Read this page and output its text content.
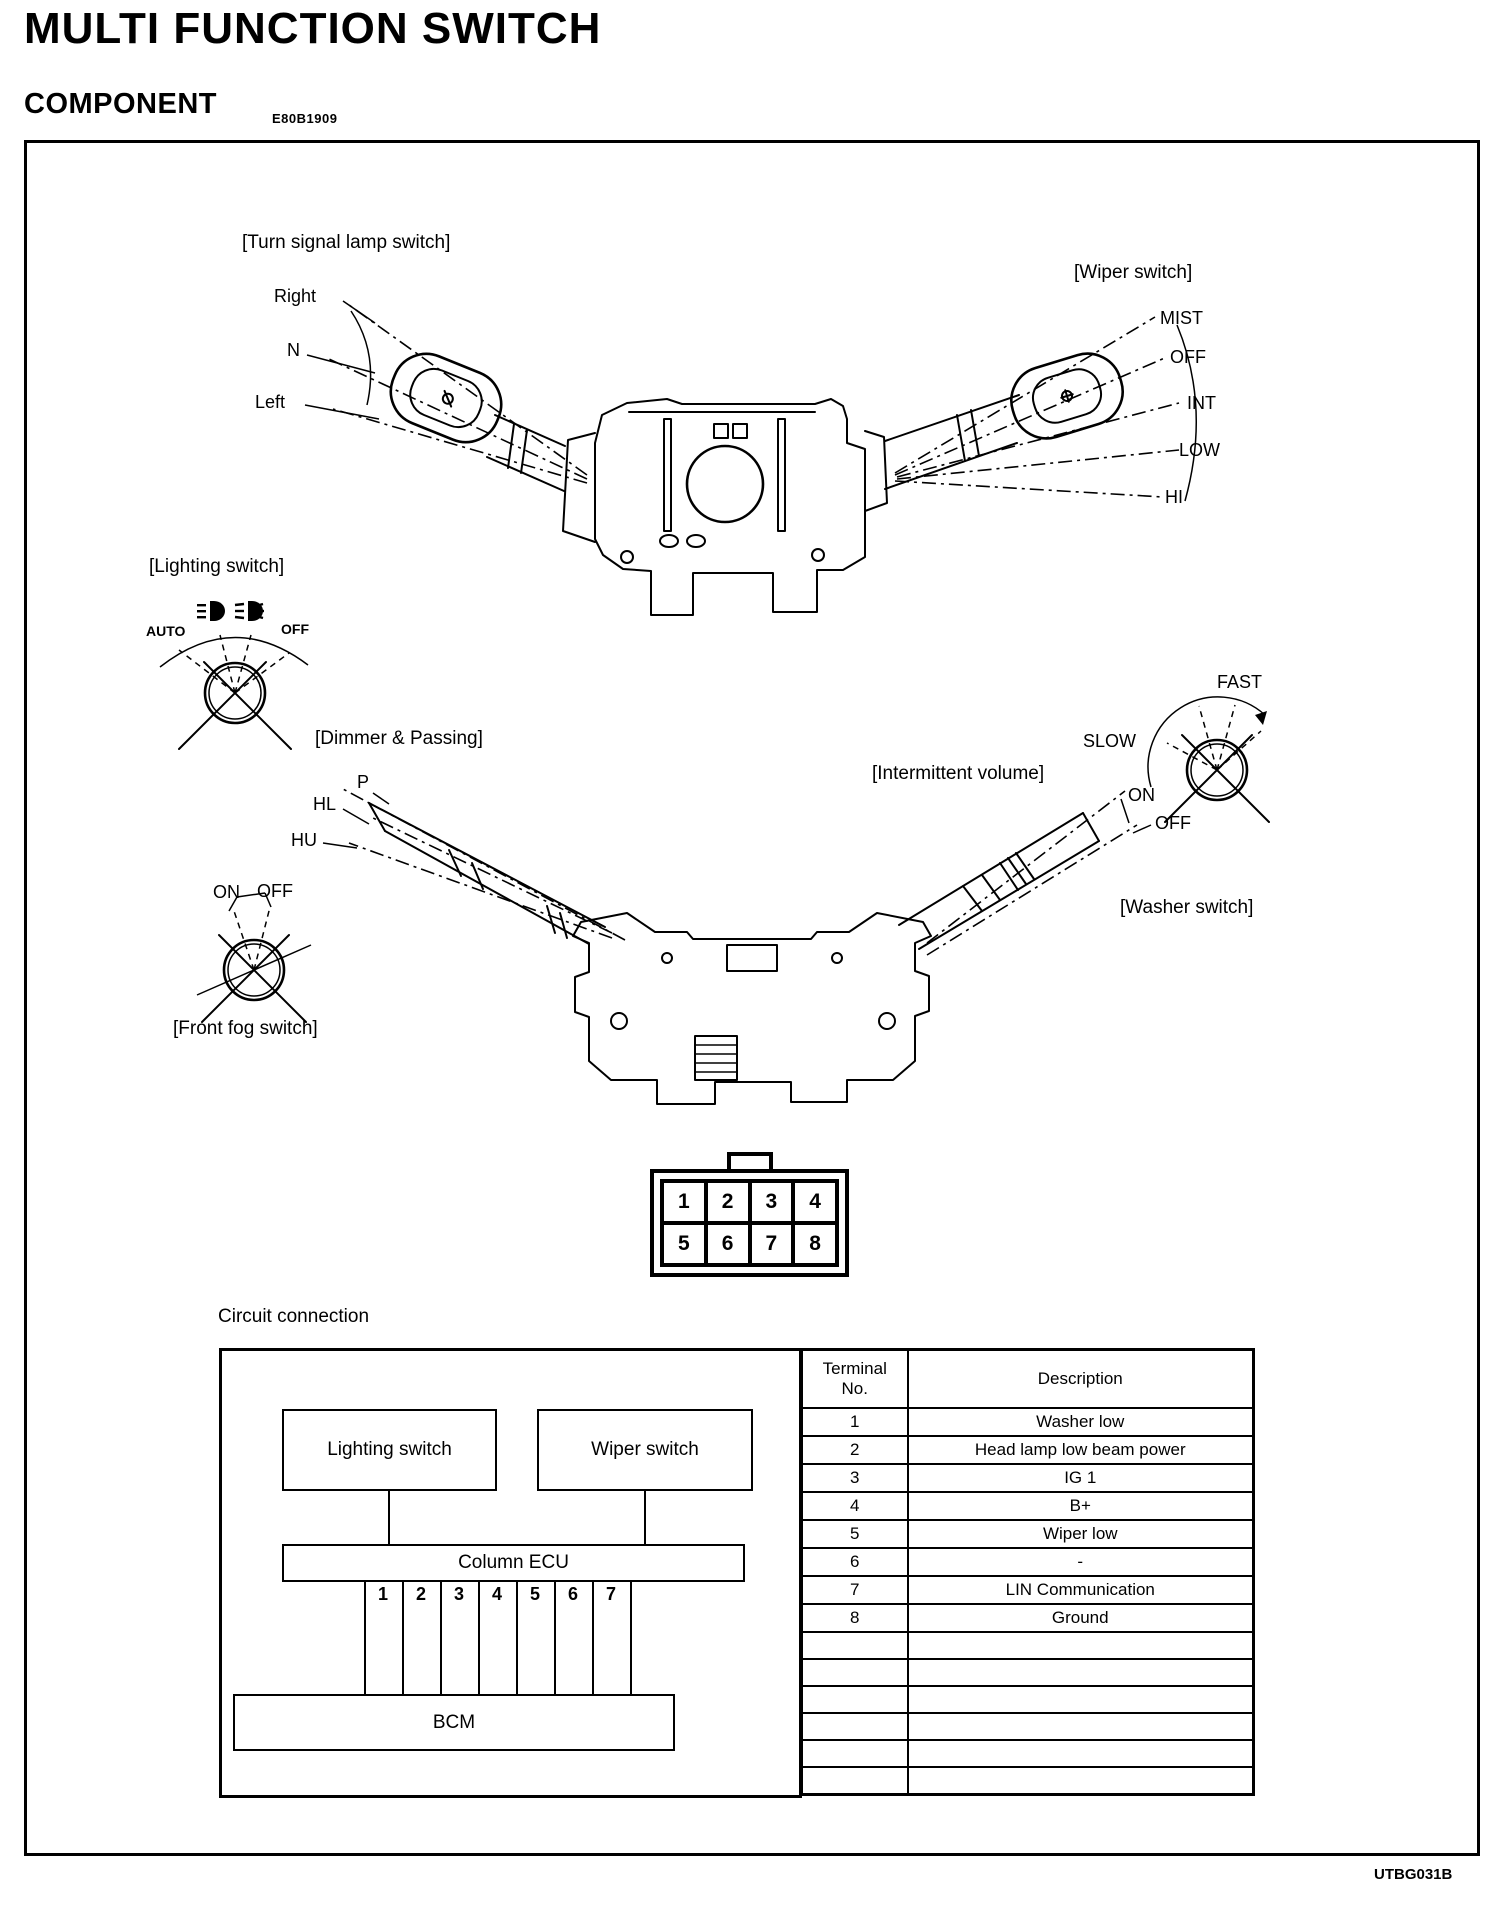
MULTI FUNCTION SWITCH
COMPONENT	E80B1909
[Turn signal lamp switch]
Right
N
Left
[Wiper switch]
MIST
OFF
INT
LOW
HI
[Lighting switch]
AUTO	OFF
[Dimmer & Passing]
P
HL
HU
[Intermittent volume]
FAST
SLOW
ON
OFF
[Washer switch]
ON OFF
[Front fog switch]
1	2	3	4
5	6	7	8
Circuit connection
Lighting switch	Wiper switch
Column ECU
1	2	3	4	5	6	7
BCM
Terminal
No.	Description
1	Washer low
2	Head lamp low beam power
3	IG 1
4	B+
5	Wiper low
6	-
7	LIN Communication
8	Ground

UTBG031B
